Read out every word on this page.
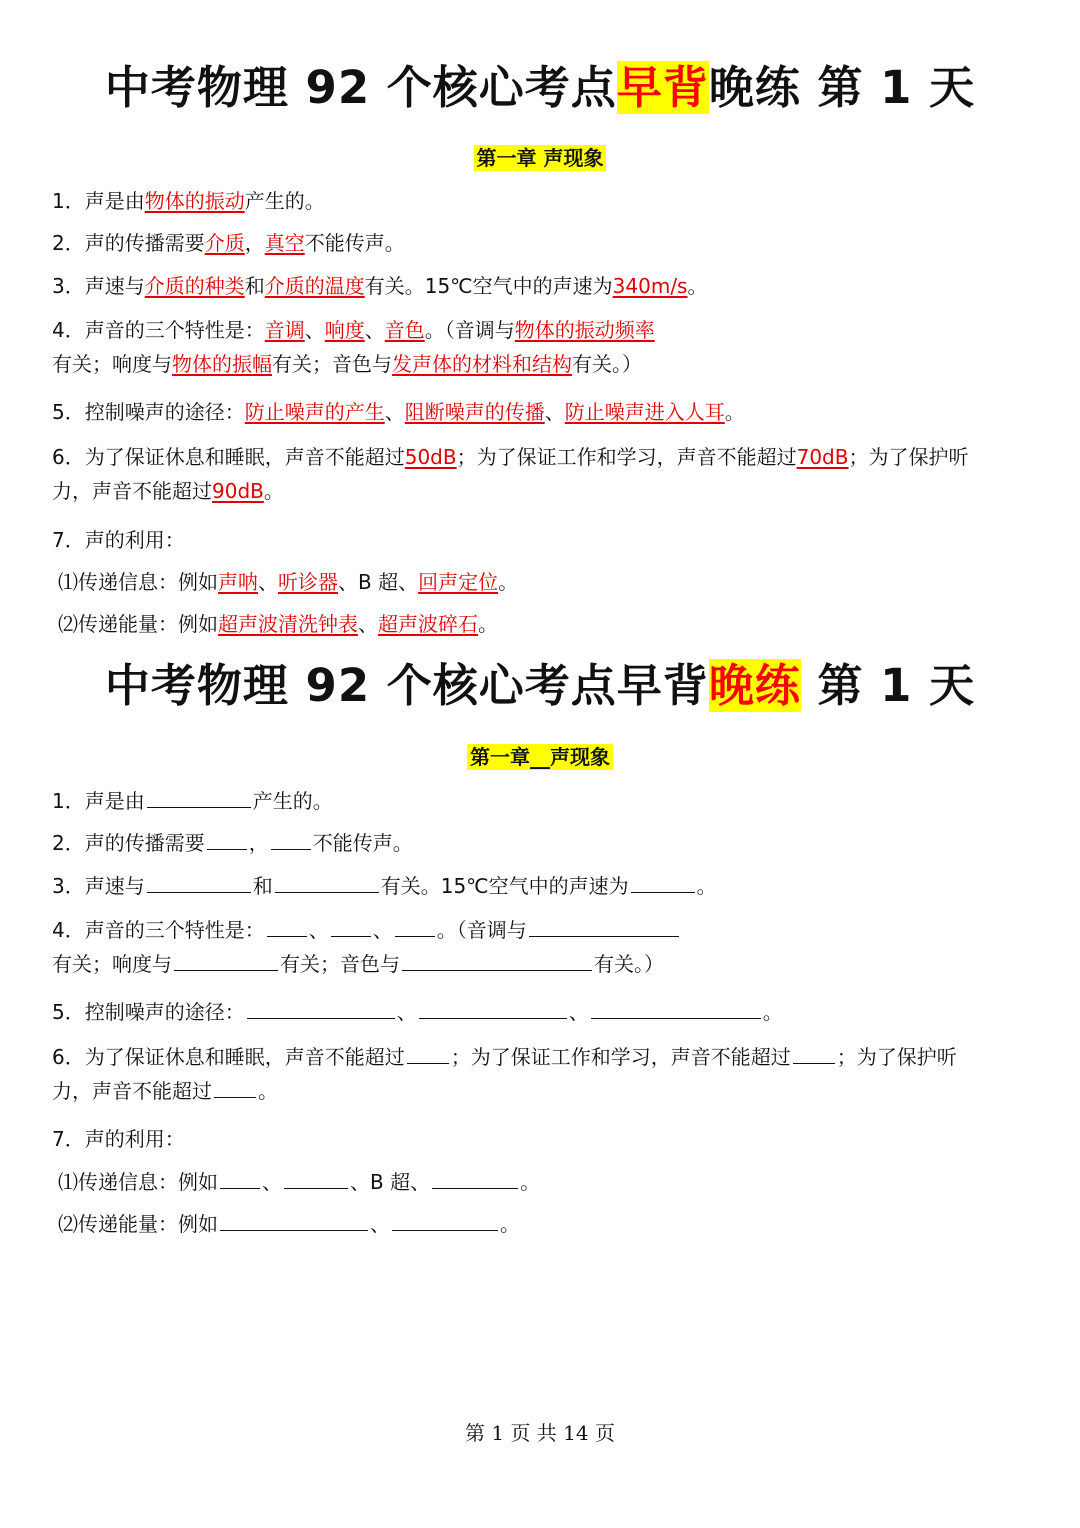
中考物理 92 个核心考点早背晚练 第 1 天
第一章 声现象
1．声是由物体的振动产生的。
2．声的传播需要介质，真空不能传声。
3．声速与介质的种类和介质的温度有关。15℃空气中的声速为340m/s。
4．声音的三个特性是：音调、响度、音色。（音调与物体的振动频率
有关；响度与物体的振幅有关；音色与发声体的材料和结构有关。）
5．控制噪声的途径：防止噪声的产生、阻断噪声的传播、防止噪声进入人耳。
6．为了保证休息和睡眠，声音不能超过50dB；为了保证工作和学习，声音不能超过70dB；为了保护听
力，声音不能超过90dB。
7．声的利用：
⑴传递信息：例如声呐、听诊器、B 超、回声定位。
⑵传递能量：例如超声波清洗钟表、超声波碎石。
中考物理 92 个核心考点早背晚练 第 1 天
第一章__声现象
1．声是由	产生的。
2．声的传播需要 ， 不能传声。
3．声速与	和	有关。15℃空气中的声速为	。
4．声音的三个特性是： 、 、 。（音调与
有关；响度与	有关；音色与	有关。）
5．控制噪声的途径：	、	、	。
6．为了保证休息和睡眠，声音不能超过 ；为了保证工作和学习，声音不能超过 ；为了保护听
力，声音不能超过 。
7．声的利用：
⑴传递信息：例如 、	、B 超、	。
⑵传递能量：例如	、	。
第 1 页 共 14 页
